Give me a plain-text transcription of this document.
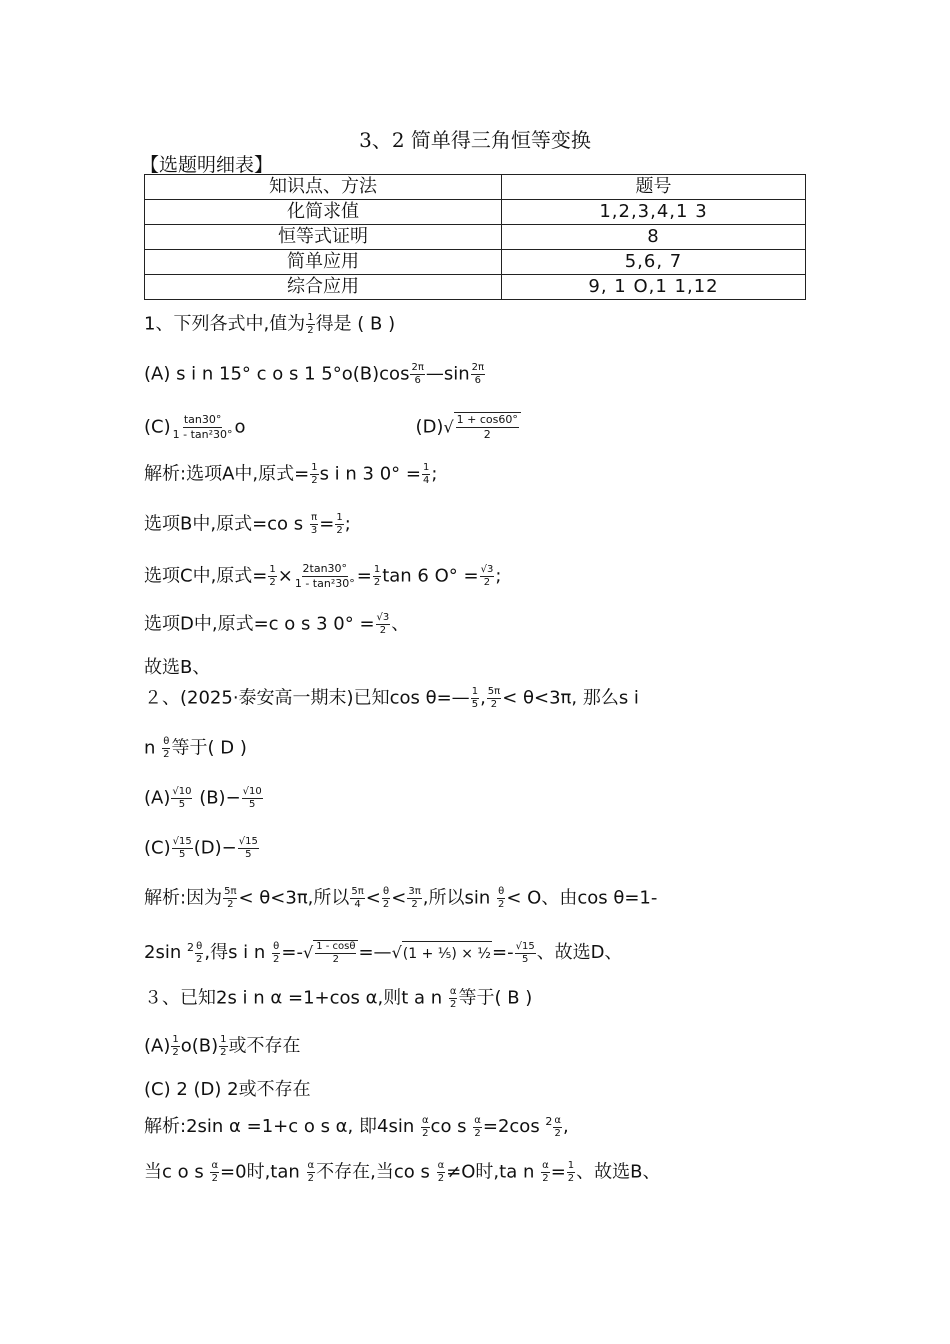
3、2 简单得三角恒等变换
【选题明细表】
知识点、方法	题号
化简求值	1,2,3,4,1 3
恒等式证明	8
简单应用	5,6, 7
综合应用	9, 1 O,1 1,12
1、下列各式中,值为 $\frac{1}{2}$ 得是 ( B )
(A) s i n 15° c o s 1 $5^\circ o(B)\cos \frac{2\pi}{6}$ —sin $\frac{2\pi}{6}$
$(C) \frac{\tan 30^\circ}{\text{1 - tan²30°}}$ o	$(D)√ \frac{1 + \cos 60^\circ}{2}$
解析:选项A中,原式= $\frac{1}{2}$ s i n 3 $0^\circ = \frac{1}{4}$ ;
选项B中,原式=co s $\frac{\pi}{3} = \frac{1}{2}$ ;
选项C中,原式= $\frac{1}{2} \times \frac{2\tan 30^\circ}{\text{1 - tan²30°}} = \frac{1}{2}$ tan 6 $O^\circ = \frac{√3}{2}$ ;
选项D中,原式=c o s 3 $0^\circ = \frac{√3}{2}$ 、
故选B、
２、(2025·泰安高一期末)已知cos θ=— $\frac{1}{5}$ , $\frac{5\pi}{2} < \theta<3\pi$, 那么s i
n $\frac{\theta}{2}$ 等于( D )
$(A) \frac{√10}{5} (B)- \frac{√10}{5}$
$(C) \frac{√15}{5} (D)- \frac{√15}{5}$
解析:因为 $\frac{5\pi}{2} < \theta<3\pi$,所以 $\frac{5\pi}{4} < \frac{\theta}{2} < \frac{3\pi}{2}$ ,所以$\sin \frac{\theta}{2} < O$、由cos θ=1-
2sin $^2 \frac{\theta}{2}$ ,得s i n $\frac{\theta}{2}$ =-√ $\frac{1 - \cos\theta}{2}$ =—√(1 + ⅕) × ½=- $\frac{√15}{5}$ 、故选D、
３、已知2s i n α =1+cos α,则t a n $\frac{\alpha}{2}$ 等于( B )
$(A) \frac{1}{2} o(B) \frac{1}{2}$ 或不存在
(C) 2 (D) 2或不存在
解析:2sin α =1+c o s α, 即$4\sin \frac{\alpha}{2}$ co s $\frac{\alpha}{2} =2\cos$ $^2 \frac{\alpha}{2}$ ,
当c o s $\frac{\alpha}{2} =0$时$,\tan \frac{\alpha}{2}$ 不存在,当co s $\frac{\alpha}{2} \ne O$时,ta n $\frac{\alpha}{2} = \frac{1}{2}$ 、故选B、
